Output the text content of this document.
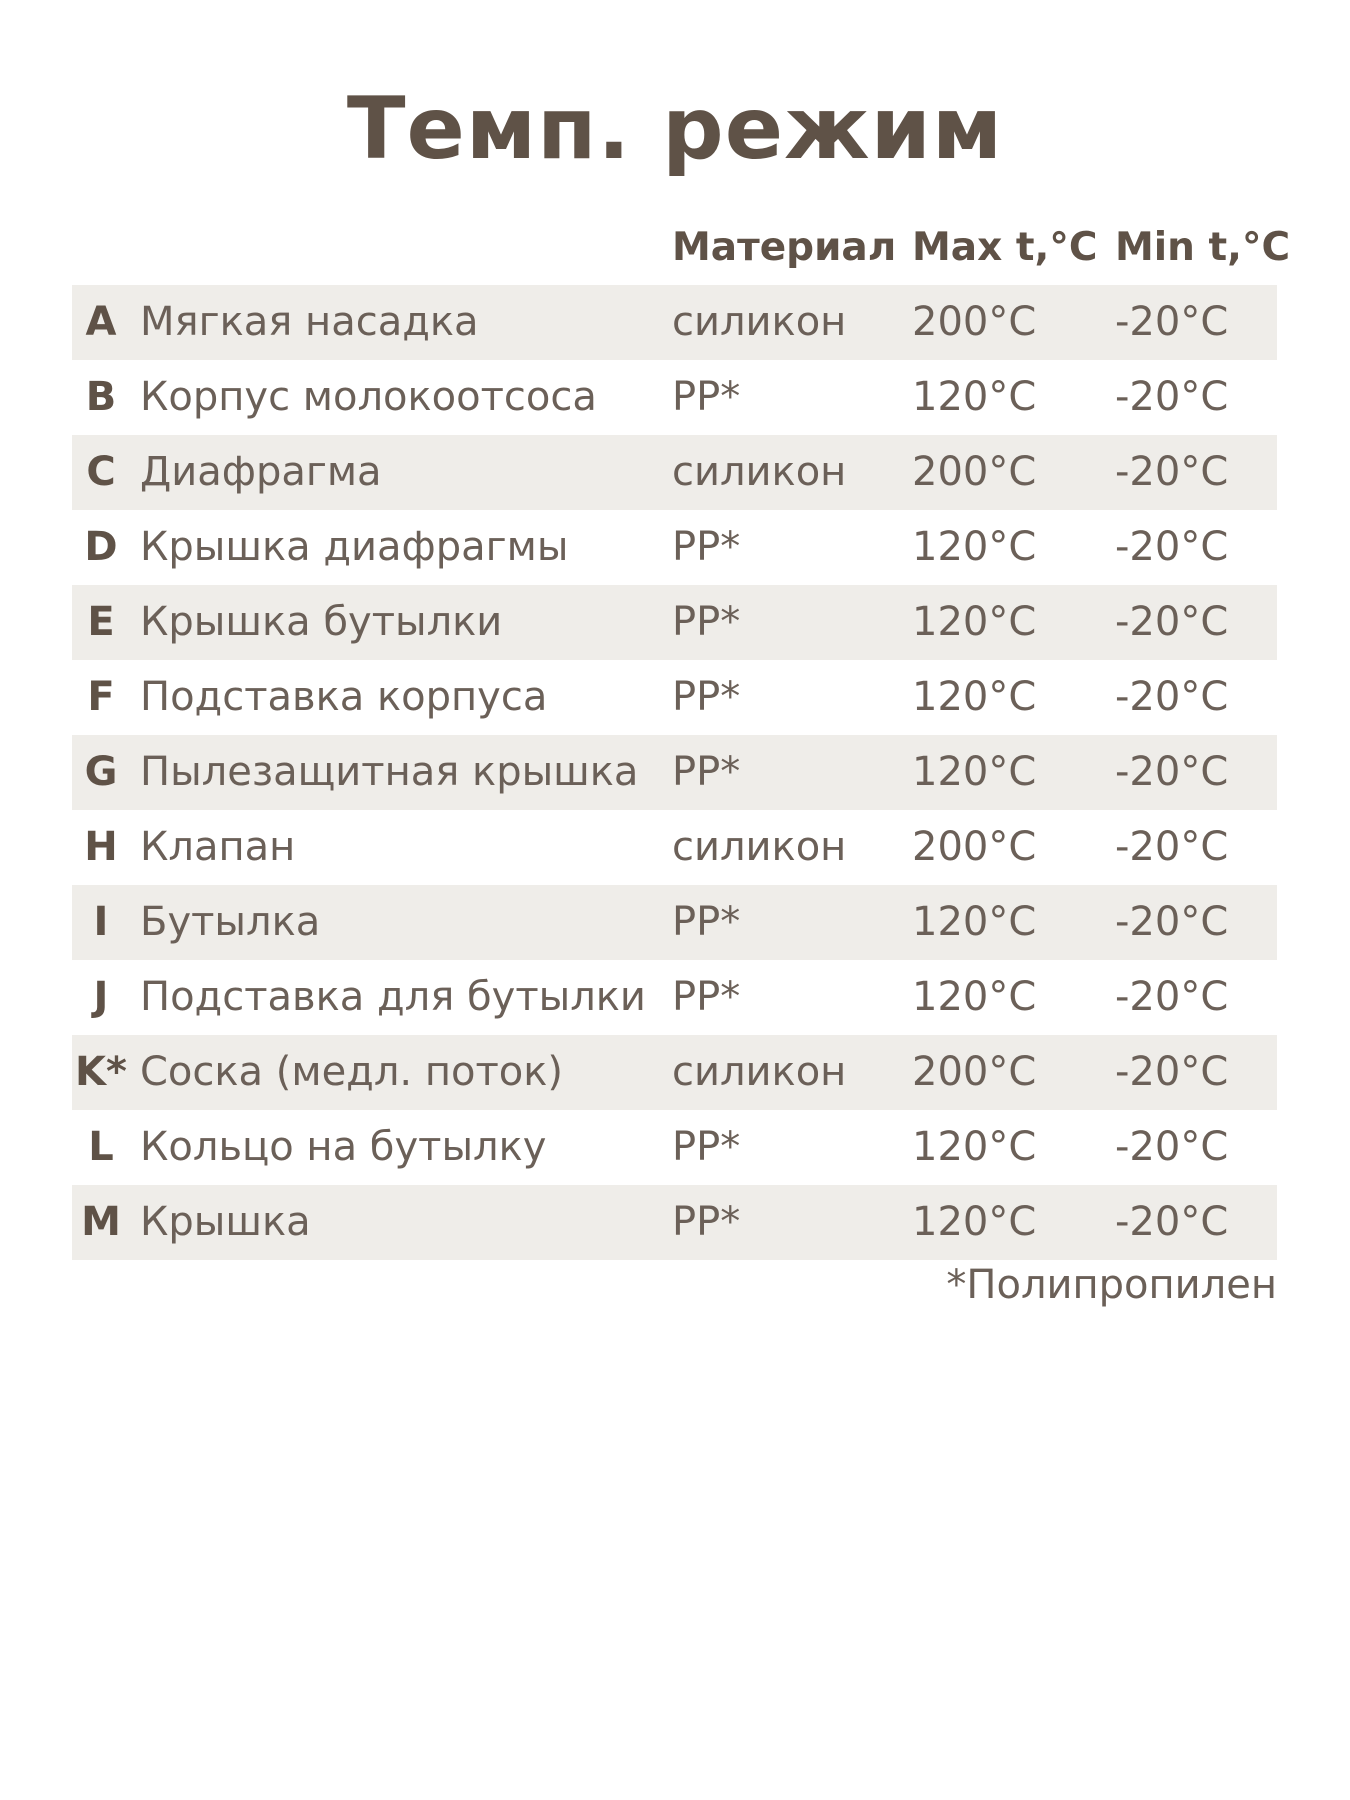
Темп. режим
Материал Max t,°C Min t,°C
A Мягкая насадка	силикон 200°C -20°C
B Корпус молокоотсоса PP*	120°C -20°C
C Диафрагма	силикон 200°C -20°C
D Крышка диафрагмы	PP*	120°C -20°C
E Крышка бутылки	PP*	120°C -20°C
F Подставка корпуса	PP*	120°C -20°C
G Пылезащитная крышка PP*	120°C -20°C
H Клапан	силикон 200°C -20°C
I Бутылка	PP*	120°C -20°C
J Подставка для бутылки PP*	120°C -20°C
K* Соска (медл. поток)	силикон 200°C -20°C
L Кольцо на бутылку	PP*	120°C -20°C
M Крышка	PP*	120°C -20°C
*Полипропилен
